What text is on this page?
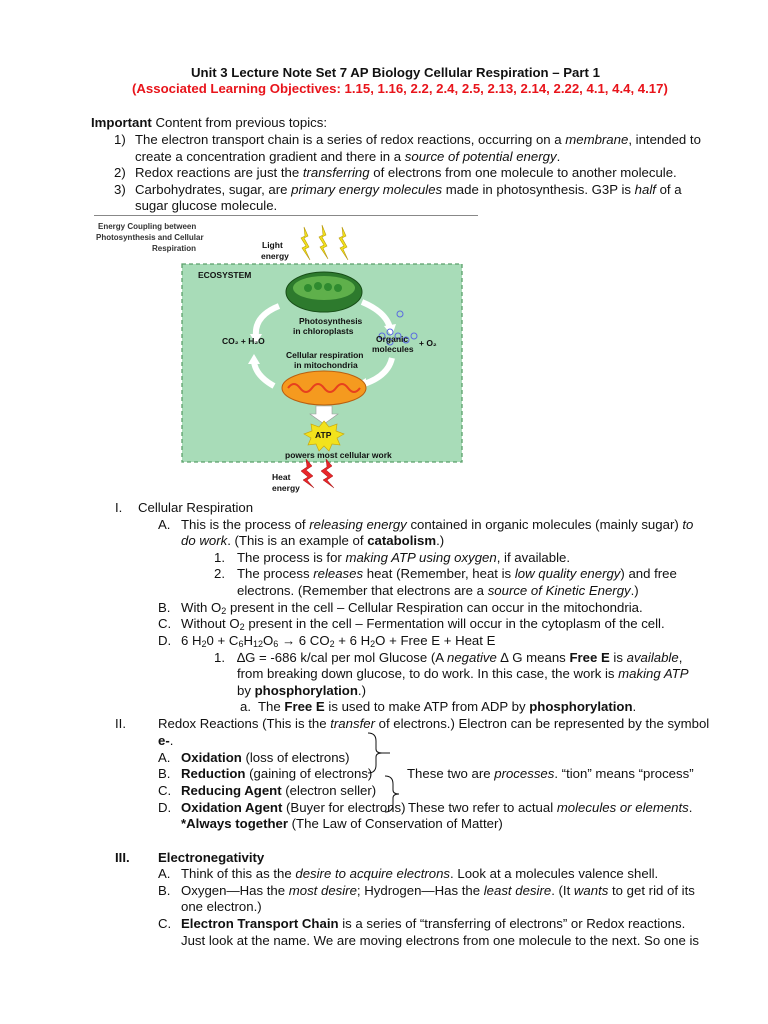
Unit 3 Lecture Note Set 7 AP Biology Cellular Respiration – Part 1
(Associated Learning Objectives: 1.15, 1.16, 2.2, 2.4, 2.5, 2.13, 2.14, 2.22, 4.1, 4.4, 4.17)
Important Content from previous topics:
1) The electron transport chain is a series of redox reactions, occurring on a membrane, intended to
create a concentration gradient and there in a source of potential energy.
2) Redox reactions are just the transferring of electrons from one molecule to another molecule.
3) Carbohydrates, sugar, are primary energy molecules made in photosynthesis. G3P is half of a
sugar glucose molecule.
Energy Coupling between
Photosynthesis and Cellular
Respiration	Light
energy
ECOSYSTEM
Photosynthesis
in chloroplasts
CO₂ + H₂O	Organic
molecules
+ O₂
Cellular respiration
in mitochondria
ATP
powers most cellular work
Heat
energy
I. Cellular Respiration
A. This is the process of releasing energy contained in organic molecules (mainly sugar) to
do work. (This is an example of catabolism.)
1. The process is for making ATP using oxygen, if available.
2. The process releases heat (Remember, heat is low quality energy) and free
electrons. (Remember that electrons are a source of Kinetic Energy.)
B. With $O_2$ present in the cell – Cellular Respiration can occur in the mitochondria.
C. Without $O_2$ present in the cell – Fermentation will occur in the cytoplasm of the cell.
D. 6 $H_20 + C_6H_{12}O_6 \to 6$ $CO_2 + 6$ $H_2O$ + Free E + Heat E
1. ∆G = -686 k/cal per mol Glucose (A negative ∆ G means Free E is available,
from breaking down glucose, to do work. In this case, the work is making ATP
by phosphorylation.)
a. The Free E is used to make ATP from ADP by phosphorylation.
II. Redox Reactions (This is the transfer of electrons.) Electron can be represented by the symbol
e-.
A. Oxidation (loss of electrons)
B. Reduction (gaining of electrons)	These two are processes. “tion” means “process”
C. Reducing Agent (electron seller)
D. Oxidation Agent (Buyer for electrons) These two refer to actual molecules or elements.
*Always together (The Law of Conservation of Matter)
III. Electronegativity
A. Think of this as the desire to acquire electrons. Look at a molecules valence shell.
B. Oxygen—Has the most desire; Hydrogen—Has the least desire. (It wants to get rid of its
one electron.)
C. Electron Transport Chain is a series of “transferring of electrons” or Redox reactions.
Just look at the name. We are moving electrons from one molecule to the next. So one is
